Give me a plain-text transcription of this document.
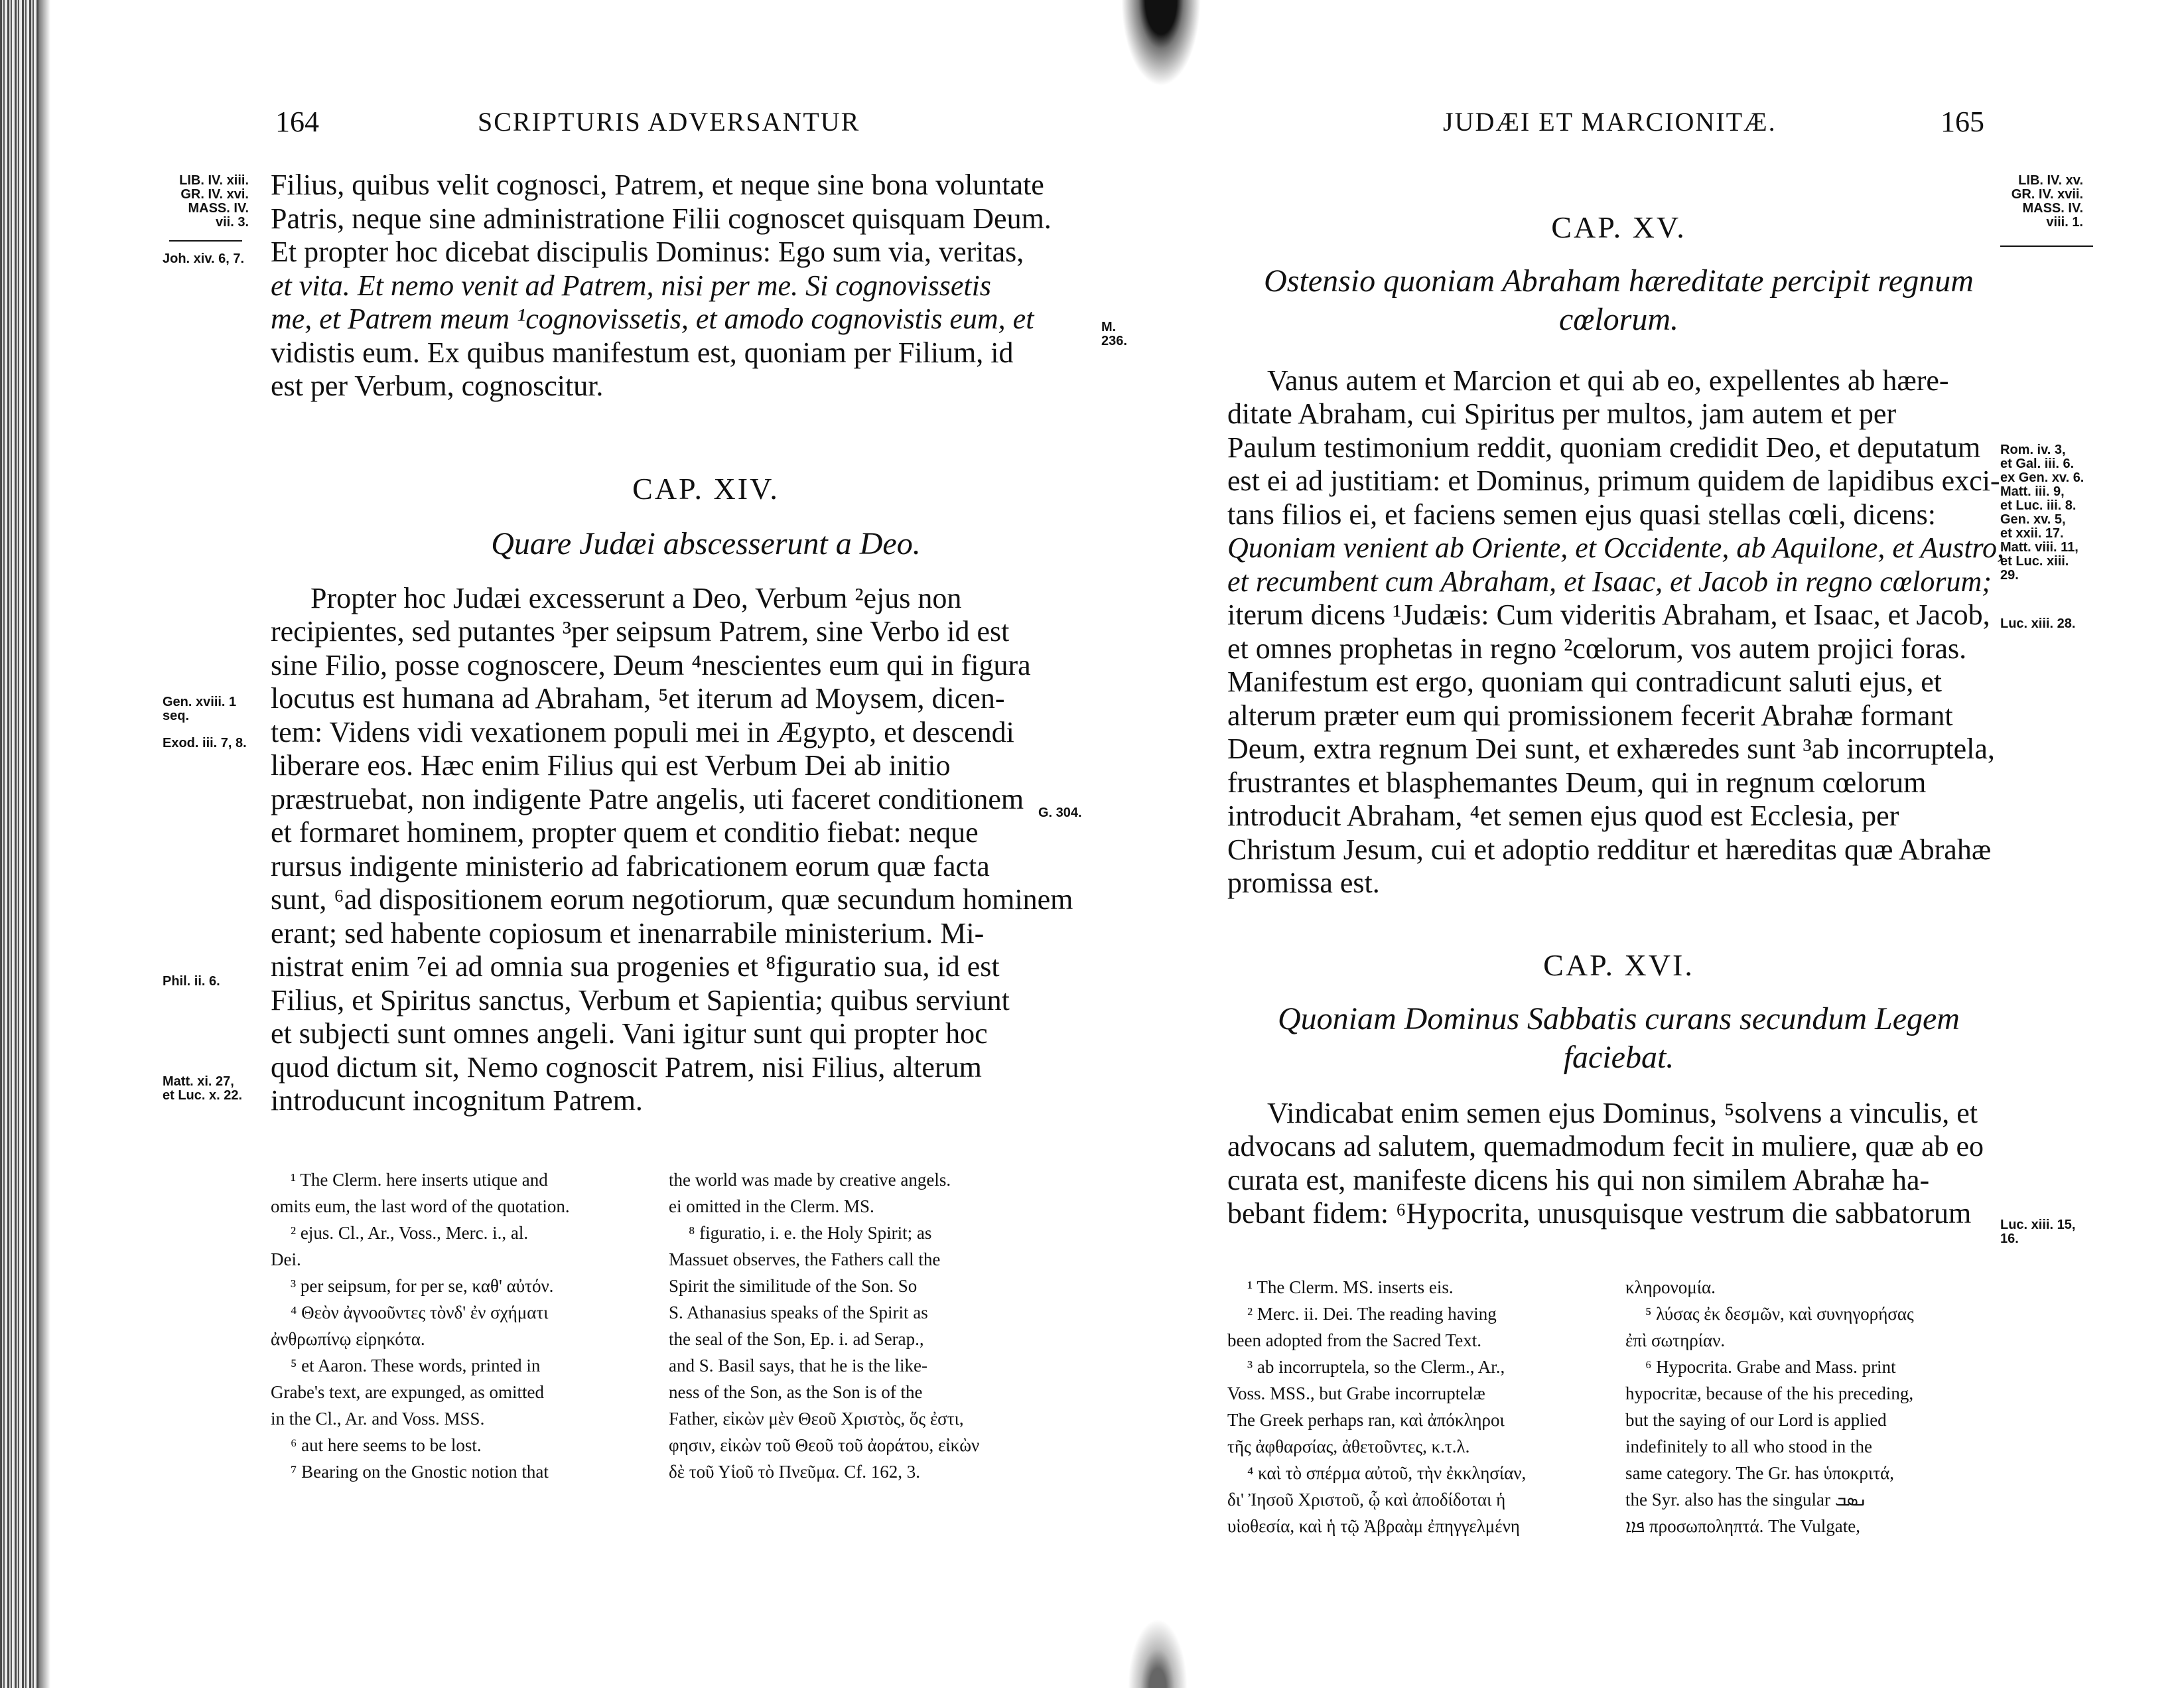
164	SCRIPTURIS ADVERSANTUR
LIB. IV. xiii.
GR. IV. xvi.
MASS. IV.
vii. 3.
Joh. xiv. 6, 7.
M. 236.
Gen. xviii. 1 seq.
Exod. iii. 7, 8.
G. 304.
Phil. ii. 6.
Matt. xi. 27, et Luc. x. 22.

Filius, quibus velit cognosci, Patrem, et neque sine bona voluntate

Patris, neque sine administratione Filii cognoscet quisquam Deum.

Et propter hoc dicebat discipulis Dominus: Ego sum via, veritas,

et vita. Et nemo venit ad Patrem, nisi per me. Si cognovissetis

me, et Patrem meum ¹cognovissetis, et amodo cognovistis eum, et

vidistis eum. Ex quibus manifestum est, quoniam per Filium, id

est per Verbum, cognoscitur.

CAP. XIV.

Quare Judæi abscesserunt a Deo.

Propter hoc Judæi excesserunt a Deo, Verbum ²ejus non

recipientes, sed putantes ³per seipsum Patrem, sine Verbo id est

sine Filio, posse cognoscere, Deum ⁴nescientes eum qui in figura

locutus est humana ad Abraham, ⁵et iterum ad Moysem, dicen-

tem: Videns vidi vexationem populi mei in Ægypto, et descendi

liberare eos. Hæc enim Filius qui est Verbum Dei ab initio

præstruebat, non indigente Patre angelis, uti faceret conditionem

et formaret hominem, propter quem et conditio fiebat: neque

rursus indigente ministerio ad fabricationem eorum quæ facta

sunt, ⁶ad dispositionem eorum negotiorum, quæ secundum hominem

erant; sed habente copiosum et inenarrabile ministerium. Mi-

nistrat enim ⁷ei ad omnia sua progenies et ⁸figuratio sua, id est

Filius, et Spiritus sanctus, Verbum et Sapientia; quibus serviunt

et subjecti sunt omnes angeli. Vani igitur sunt qui propter hoc

quod dictum sit, Nemo cognoscit Patrem, nisi Filius, alterum

introducunt incognitum Patrem.

¹ The Clerm. here inserts utique and

omits eum, the last word of the quotation.

² ejus. Cl., Ar., Voss., Merc. i., al.

Dei.

³ per seipsum, for per se, καθ' αὐτόν.

⁴ Θεὸν ἀγνοοῦντες τὸνδ' ἐν σχήματι

ἀνθρωπίνῳ εἰρηκότα.

⁵ et Aaron. These words, printed in

Grabe's text, are expunged, as omitted

in the Cl., Ar. and Voss. MSS.

⁶ aut here seems to be lost.

⁷ Bearing on the Gnostic notion that

the world was made by creative angels.

ei omitted in the Clerm. MS.

⁸ figuratio, i. e. the Holy Spirit; as

Massuet observes, the Fathers call the

Spirit the similitude of the Son. So

S. Athanasius speaks of the Spirit as

the seal of the Son, Ep. i. ad Serap.,

and S. Basil says, that he is the like-

ness of the Son, as the Son is of the

Father, εἰκὼν μὲν Θεοῦ Χριστὸς, ὅς ἐστι,

φησιν, εἰκὼν τοῦ Θεοῦ τοῦ ἀοράτου, εἰκὼν

δὲ τοῦ Υἱοῦ τὸ Πνεῦμα. Cf. 162, 3.

JUDÆI ET MARCIONITÆ.	165
LIB. IV. xv.
GR. IV. xvii.
MASS. IV.
viii. 1.
Rom. iv. 3,
et Gal. iii. 6.
ex Gen. xv. 6.
Matt. iii. 9,
et Luc. iii. 8.
Gen. xv. 5,
et xxii. 17.
Matt. viii. 11,
et Luc. xiii.
29.
Luc. xiii. 28.
Luc. xiii. 15,
16.

CAP. XV.

Ostensio quoniam Abraham hæreditate percipit regnum

cœlorum.

Vanus autem et Marcion et qui ab eo, expellentes ab hære-

ditate Abraham, cui Spiritus per multos, jam autem et per

Paulum testimonium reddit, quoniam credidit Deo, et deputatum

est ei ad justitiam: et Dominus, primum quidem de lapidibus exci-

tans filios ei, et faciens semen ejus quasi stellas cœli, dicens:

Quoniam venient ab Oriente, et Occidente, ab Aquilone, et Austro,

et recumbent cum Abraham, et Isaac, et Jacob in regno cœlorum;

iterum dicens ¹Judæis: Cum videritis Abraham, et Isaac, et Jacob,

et omnes prophetas in regno ²cœlorum, vos autem projici foras.

Manifestum est ergo, quoniam qui contradicunt saluti ejus, et

alterum præter eum qui promissionem fecerit Abrahæ formant

Deum, extra regnum Dei sunt, et exhæredes sunt ³ab incorruptela,

frustrantes et blasphemantes Deum, qui in regnum cœlorum

introducit Abraham, ⁴et semen ejus quod est Ecclesia, per

Christum Jesum, cui et adoptio redditur et hæreditas quæ Abrahæ

promissa est.

CAP. XVI.

Quoniam Dominus Sabbatis curans secundum Legem

faciebat.

Vindicabat enim semen ejus Dominus, ⁵solvens a vinculis, et

advocans ad salutem, quemadmodum fecit in muliere, quæ ab eo

curata est, manifeste dicens his qui non similem Abrahæ ha-

bebant fidem: ⁶Hypocrita, unusquisque vestrum die sabbatorum

¹ The Clerm. MS. inserts eis.

² Merc. ii. Dei. The reading having

been adopted from the Sacred Text.

³ ab incorruptela, so the Clerm., Ar.,

Voss. MSS., but Grabe incorruptelæ

The Greek perhaps ran, καὶ ἀπόκληροι

τῆς ἀφθαρσίας, ἀθετοῦντες, κ.τ.λ.

⁴ καὶ τὸ σπέρμα αὐτοῦ, τὴν ἐκκλησίαν,

δι' Ἰησοῦ Χριστοῦ, ᾧ καὶ ἀποδίδοται ἡ

υἱοθεσία, καὶ ἡ τῷ Ἀβραὰμ ἐπηγγελμένη

κληρονομία.

⁵ λύσας ἐκ δεσμῶν, καὶ συνηγορήσας

ἐπὶ σωτηρίαν.

⁶ Hypocrita. Grabe and Mass. print

hypocritæ, because of the his preceding,

but the saying of our Lord is applied

indefinitely to all who stood in the

same category. The Gr. has ὑποκριτά,

the Syr. also has the singular ܢܣܒ

ܦܐܐ προσωποληπτά. The Vulgate,
